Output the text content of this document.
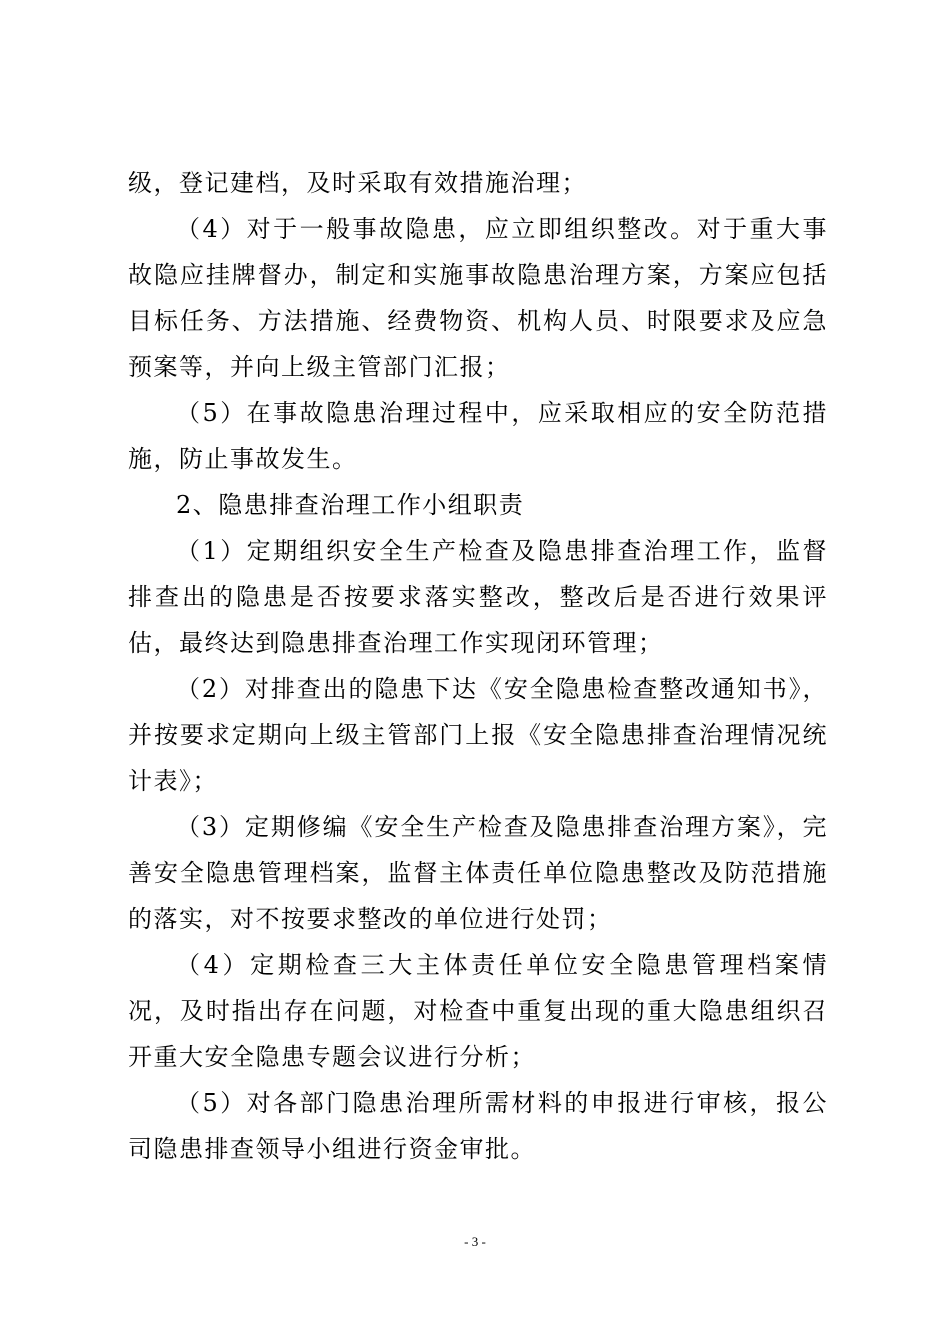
级，登记建档，及时采取有效措施治理；

（4）对于一般事故隐患，应立即组织整改。对于重大事故隐应挂牌督办，制定和实施事故隐患治理方案，方案应包括目标任务、方法措施、经费物资、机构人员、时限要求及应急预案等，并向上级主管部门汇报；

（5）在事故隐患治理过程中，应采取相应的安全防范措施，防止事故发生。

2、隐患排查治理工作小组职责

（1）定期组织安全生产检查及隐患排查治理工作，监督排查出的隐患是否按要求落实整改，整改后是否进行效果评估，最终达到隐患排查治理工作实现闭环管理；

（2）对排查出的隐患下达《安全隐患检查整改通知书》，并按要求定期向上级主管部门上报《安全隐患排查治理情况统计表》；

（3）定期修编《安全生产检查及隐患排查治理方案》，完善安全隐患管理档案，监督主体责任单位隐患整改及防范措施的落实，对不按要求整改的单位进行处罚；

（4）定期检查三大主体责任单位安全隐患管理档案情况，及时指出存在问题，对检查中重复出现的重大隐患组织召开重大安全隐患专题会议进行分析；

（5）对各部门隐患治理所需材料的申报进行审核，报公司隐患排查领导小组进行资金审批。

- 3 -
